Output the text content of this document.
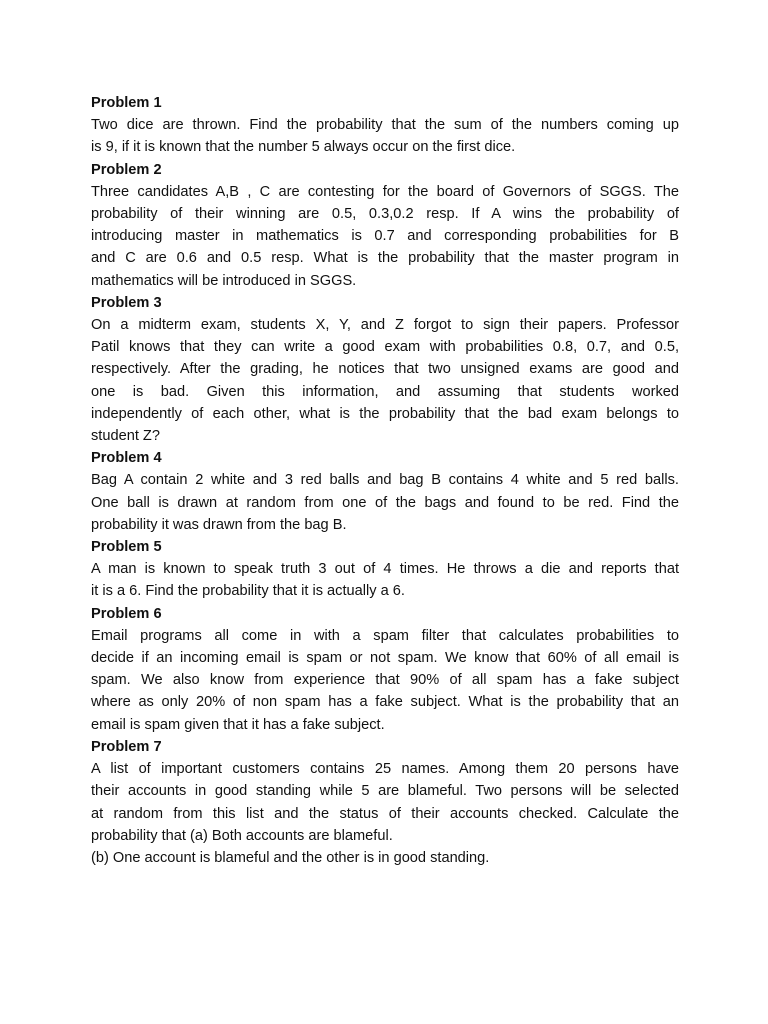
Problem 1

Two dice are thrown. Find the probability that the sum of the numbers coming up
is 9, if it is known that the number 5 always occur on the first dice.

Problem 2

Three candidates A,B , C are contesting for the board of Governors of SGGS. The
probability of their winning are 0.5, 0.3,0.2 resp. If A wins the probability of
introducing master in mathematics is 0.7 and corresponding probabilities for B
and C are 0.6 and 0.5 resp. What is the probability that the master program in
mathematics will be introduced in SGGS.

Problem 3

On a midterm exam, students X, Y, and Z forgot to sign their papers. Professor
Patil knows that they can write a good exam with probabilities 0.8, 0.7, and 0.5,
respectively. After the grading, he notices that two unsigned exams are good and
one is bad. Given this information, and assuming that students worked
independently of each other, what is the probability that the bad exam belongs to
student Z?

Problem 4

Bag A contain 2 white and 3 red balls and bag B contains 4 white and 5 red balls.
One ball is drawn at random from one of the bags and found to be red. Find the
probability it was drawn from the bag B.

Problem 5

A man is known to speak truth 3 out of 4 times. He throws a die and reports that
it is a 6. Find the probability that it is actually a 6.

Problem 6

Email programs all come in with a spam filter that calculates probabilities to
decide if an incoming email is spam or not spam. We know that 60% of all email is
spam. We also know from experience that 90% of all spam has a fake subject
where as only 20% of non spam has a fake subject. What is the probability that an
email is spam given that it has a fake subject.

Problem 7

A list of important customers contains 25 names. Among them 20 persons have
their accounts in good standing while 5 are blameful. Two persons will be selected
at random from this list and the status of their accounts checked. Calculate the
probability that (a) Both accounts are blameful.
(b) One account is blameful and the other is in good standing.
